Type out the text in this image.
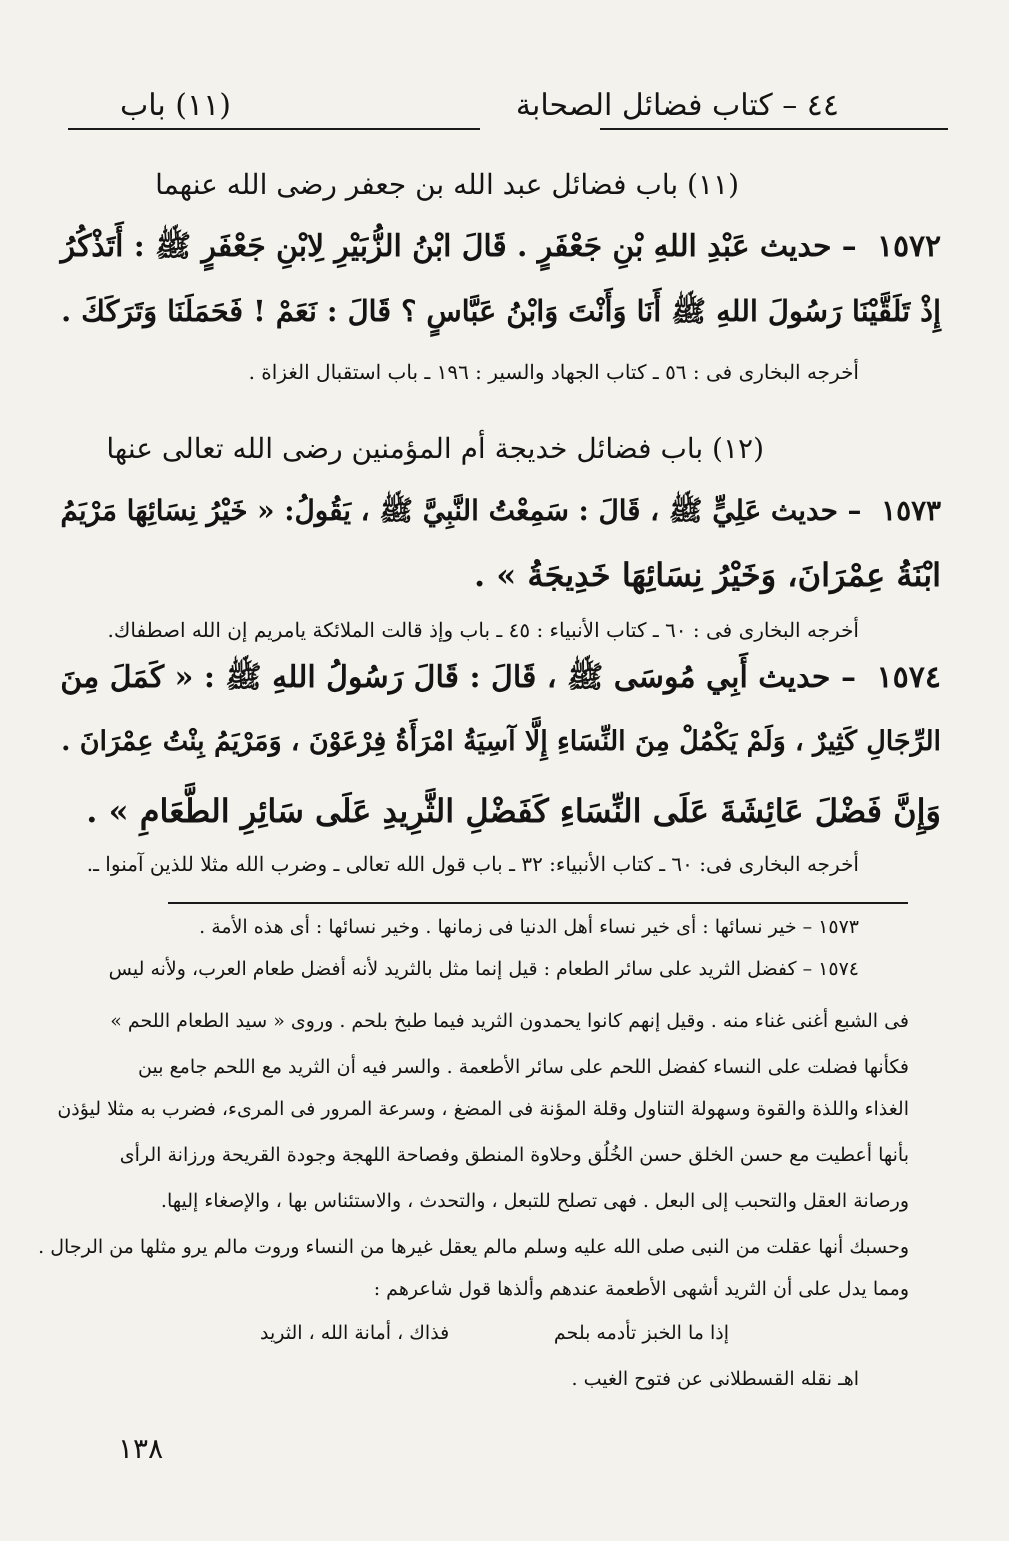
٤٤ – كتاب فضائل الصحابة
(١١) باب
(١١) باب فضائل عبد الله بن جعفر رضى الله عنهما
١٥٧٢ – حديث عَبْدِ اللهِ بْنِ جَعْفَرٍ . قَالَ ابْنُ الزُّبَيْرِ لِابْنِ جَعْفَرٍ ﷺ : أَتَذْكُرُ
إِذْ تَلَقَّيْنَا رَسُولَ اللهِ ﷺ أَنَا وَأَنْتَ وَابْنُ عَبَّاسٍ ؟ قَالَ : نَعَمْ ! فَحَمَلَنَا وَتَرَكَكَ .
أخرجه البخارى فى : ٥٦ ـ كتاب الجهاد والسير : ١٩٦ ـ باب استقبال الغزاة .
(١٢) باب فضائل خديجة أم المؤمنين رضى الله تعالى عنها
١٥٧٣ – حديث عَلِيٍّ ﷺ ، قَالَ : سَمِعْتُ النَّبِيَّ ﷺ ، يَقُولُ: « خَيْرُ نِسَائِهَا مَرْيَمُ
ابْنَةُ عِمْرَانَ، وَخَيْرُ نِسَائِهَا خَدِيجَةُ » .
أخرجه البخارى فى : ٦٠ ـ كتاب الأنبياء : ٤٥ ـ باب وإذ قالت الملائكة يامريم إن الله اصطفاك.
١٥٧٤ – حديث أَبِي مُوسَى ﷺ ، قَالَ : قَالَ رَسُولُ اللهِ ﷺ : « كَمَلَ مِنَ
الرِّجَالِ كَثِيرٌ ، وَلَمْ يَكْمُلْ مِنَ النِّسَاءِ إِلَّا آسِيَةُ امْرَأَةُ فِرْعَوْنَ ، وَمَرْيَمُ بِنْتُ عِمْرَانَ .
وَإِنَّ فَضْلَ عَائِشَةَ عَلَى النِّسَاءِ كَفَضْلِ الثَّرِيدِ عَلَى سَائِرِ الطَّعَامِ » .
أخرجه البخارى فى: ٦٠ ـ كتاب الأنبياء: ٣٢ ـ باب قول الله تعالى ـ وضرب الله مثلا للذين آمنوا ـ.
١٥٧٣ – خير نسائها : أى خير نساء أهل الدنيا فى زمانها . وخير نسائها : أى هذه الأمة .
١٥٧٤ – كفضل الثريد على سائر الطعام : قيل إنما مثل بالثريد لأنه أفضل طعام العرب، ولأنه ليس
فى الشبع أغنى غناء منه . وقيل إنهم كانوا يحمدون الثريد فيما طبخ بلحم . وروى « سيد الطعام اللحم »
فكأنها فضلت على النساء كفضل اللحم على سائر الأطعمة . والسر فيه أن الثريد مع اللحم جامع بين
الغذاء واللذة والقوة وسهولة التناول وقلة المؤنة فى المضغ ، وسرعة المرور فى المرىء، فضرب به مثلا ليؤذن
بأنها أعطيت مع حسن الخلق حسن الخُلُق وحلاوة المنطق وفصاحة اللهجة وجودة القريحة ورزانة الرأى
ورصانة العقل والتحبب إلى البعل . فهى تصلح للتبعل ، والتحدث ، والاستئناس بها ، والإصغاء إليها.
وحسبك أنها عقلت من النبى صلى الله عليه وسلم مالم يعقل غيرها من النساء وروت مالم يرو مثلها من الرجال .
ومما يدل على أن الثريد أشهى الأطعمة عندهم وألذها قول شاعرهم :
إذا ما الخبز تأدمه بلحم
فذاك ، أمانة الله ، الثريد
اهـ نقله القسطلانى عن فتوح الغيب .
١٣٨
